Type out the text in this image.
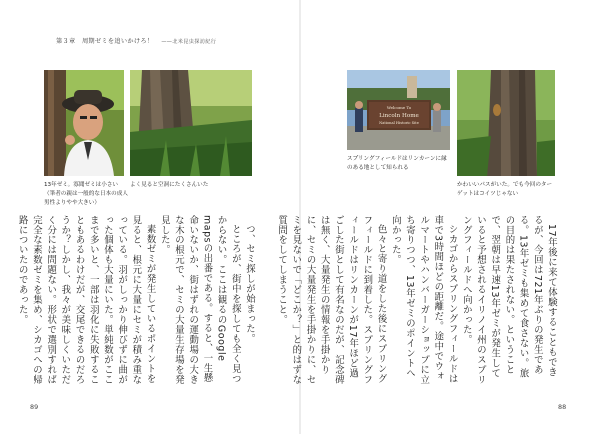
第３章　周期ゼミを追いかけろ！ ——北米昆虫探訪紀行
13年ゼミ。寡聞ゼミは小さい（筆者の親は一般的な日本の成人男性よりやや大きい）
よく見ると空洞にたくさんいた

つ、セミ探しが始まった。

ところが、街中を探しても全く見つからない。ここは観るのGoogle mapsの出番である。すると、一生懸命いないか、街はずれの運動場の大きな木の根元で、セミの大量生存場を発見した。

素数ゼミが発生しているポイントを見ると、根元に大量にセミが積み重なっている。羽がしっかり伸びずに曲がった個体も大量にいた。単純数がここまで多いと、一部は羽化に失敗することもあるわけだが、交尾できるのだろうか？しかし、我々が美味しくいただく分には問題ない。形状で選別すれば完全な素数ゼミを集め、シカゴへの帰路についたのであった。

89
Welcome To
Lincoln Home
National Historic Site
スプリングフィールドはリンカーンに縁のある地として知られる
かわいいパスがいた。でも今回のターゲットはコイツじゃない

17年後に来て体験することもできるが、今回は721年ぶりの発生である。13年ゼミも集めて食さない。旅の目的は果たされない。ということで、翌朝は早速13年ゼミが発生していると予想されるイリノイ州のスプリングフィールドへ向かった。

シカゴからスプリングフィールドは車で3時間ほどの距離だ。途中でウォルマートやハンバーガーショップに立ち寄りつつ、13年ゼミのポイントへ向かった。

色々と寄り道をした後にスプリングフィールドに到着した。スプリングフィールドはリンカーンが17年ほど過ごした街として有名なのだが、記念碑は無く、大量発生の情報を手掛かりに、セミの大量発生を手掛かりに、セミを見ないで「どこか？」と的はずな質問をしてしまうこと。

88
